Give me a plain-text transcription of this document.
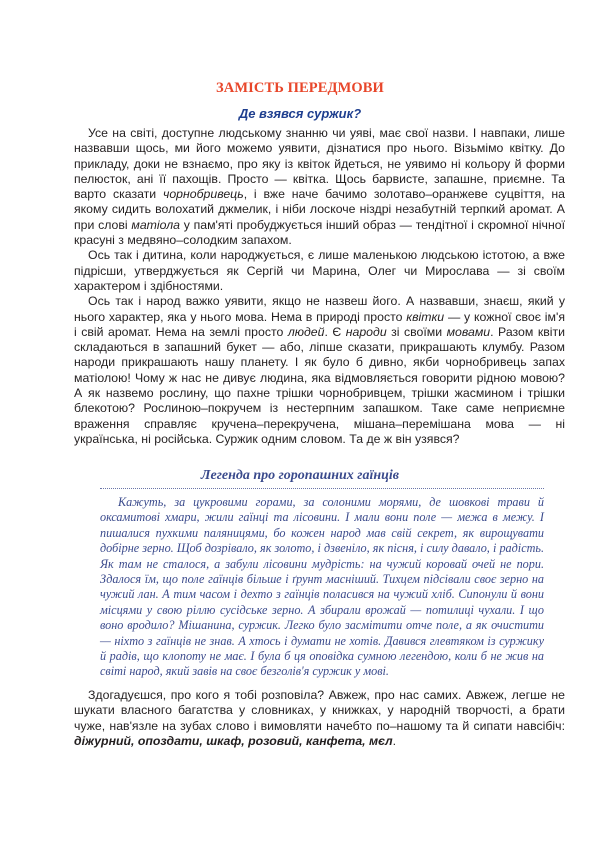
ЗАМІСТЬ ПЕРЕДМОВИ
Де взявся суржик?

Усе на світі, доступне людському знанню чи уяві, має свої назви. І навпаки, лише назвавши щось, ми його можемо уявити, дізнатися про нього. Візьмімо квітку. До прикладу, доки не взнаємо, про яку із квіток йдеться, не уявимо ні кольору й форми пелюсток, ані її пахощів. Просто — квітка. Щось барвисте, запашне, приємне. Та варто сказати чорнобривець, і вже наче бачимо золотаво–оранжеве суцвіття, на якому сидить волохатий джмелик, і ніби лоскоче ніздрі незабутній терпкий аромат. А при слові матіола у пам'яті пробуджується інший образ — тендітної і скромної нічної красуні з медвяно–солодким запахом.

Ось так і дитина, коли народжується, є лише маленькою людською істотою, а вже підрісши, утверджується як Сергій чи Марина, Олег чи Мирослава — зі своїм характером і здібностями.

Ось так і народ важко уявити, якщо не назвеш його. А назвавши, знаєш, який у нього характер, яка у нього мова. Нема в природі просто квітки — у кожної своє ім'я і свій аромат. Нема на землі просто людей. Є народи зі своїми мовами. Разом квіти складаються в запашний букет — або, ліпше сказати, прикрашають клумбу. Разом народи прикрашають нашу планету. І як було б дивно, якби чорнобривець запах матіолою! Чому ж нас не дивує людина, яка відмовляється говорити рідною мовою? А як назвемо рослину, що пахне трішки чорнобривцем, трішки жасмином і трішки блекотою? Рослиною–покручем із нестерпним запашком. Таке саме неприємне враження справляє кручена–перекручена, мішана–перемішана мова — ні українська, ні російська. Суржик одним словом. Та де ж він узявся?

Легенда про горопашних гаїнців

Кажуть, за цукровими горами, за солоними морями, де шовкові трави й оксамитові хмари, жили гаїнці та лісовини. І мали вони поле — межа в межу. І пишалися пухкими паляницями, бо кожен народ мав свій секрет, як вирощувати добірне зерно. Щоб дозрівало, як золото, і дзвеніло, як пісня, і силу давало, і радість. Як там не сталося, а забули лісовини мудрість: на чужий коровай очей не пори. Здалося їм, що поле гаїнців більше і ґрунт масніший. Тихцем підсівали своє зерно на чужий лан. А тим часом і дехто з гаїнців поласився на чужий хліб. Сипонули й вони місцями у свою ріллю сусідське зерно. А збирали врожай — потилиці чухали. І що воно вродило? Мішанина, суржик. Легко було засмітити отче поле, а як очистити — ніхто з гаїнців не знав. А хтось і думати не хотів. Давився глевтяком із суржику й радів, що клопоту не має. І була б ця оповідка сумною легендою, коли б не жив на світі народ, який завів на своє безголів'я суржик у мові.

Здогадуєшся, про кого я тобі розповіла? Авжеж, про нас самих. Авжеж, легше не шукати власного багатства у словниках, у книжках, у народній творчості, а брати чуже, нав'язле на зубах слово і вимовляти начебто по–нашому та й сипати навсібіч: діжурний, опоздати, шкаф, розовий, канфета, мєл.
